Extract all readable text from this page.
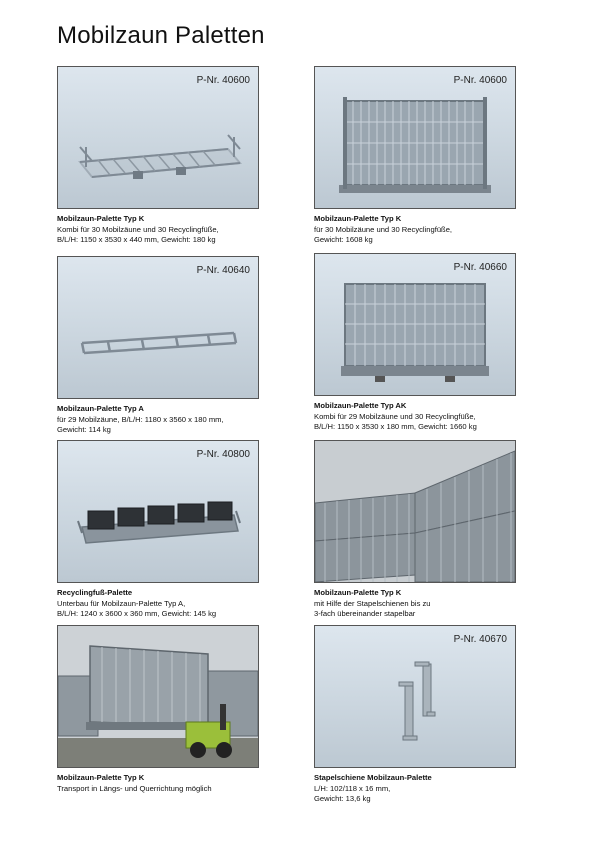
Mobilzaun Paletten
P-Nr. 40600
Mobilzaun-Palette Typ K
Kombi für 30 Mobilzäune und 30 Recyclingfüße,
B/L/H: 1150 x 3530 x 440 mm, Gewicht: 180 kg
P-Nr. 40600
Mobilzaun-Palette Typ K
für 30 Mobilzäune und 30 Recyclingfüße,
Gewicht: 1608 kg
P-Nr. 40640
Mobilzaun-Palette Typ A
für 29 Mobilzäune, B/L/H: 1180 x 3560 x 180 mm,
Gewicht: 114 kg
P-Nr. 40660
Mobilzaun-Palette Typ AK
Kombi für 29 Mobilzäune und 30 Recyclingfüße,
B/L/H: 1150 x 3530 x 180 mm, Gewicht: 1660 kg
P-Nr. 40800
Recyclingfuß-Palette
Unterbau für Mobilzaun-Palette Typ A,
B/L/H: 1240 x 3600 x 360 mm, Gewicht: 145 kg
Mobilzaun-Palette Typ K
mit Hilfe der Stapelschienen bis zu
3-fach übereinander stapelbar
Mobilzaun-Palette Typ K
Transport in Längs- und Querrichtung möglich
P-Nr. 40670
Stapelschiene Mobilzaun-Palette
L/H: 102/118 x 16 mm,
Gewicht: 13,6 kg
